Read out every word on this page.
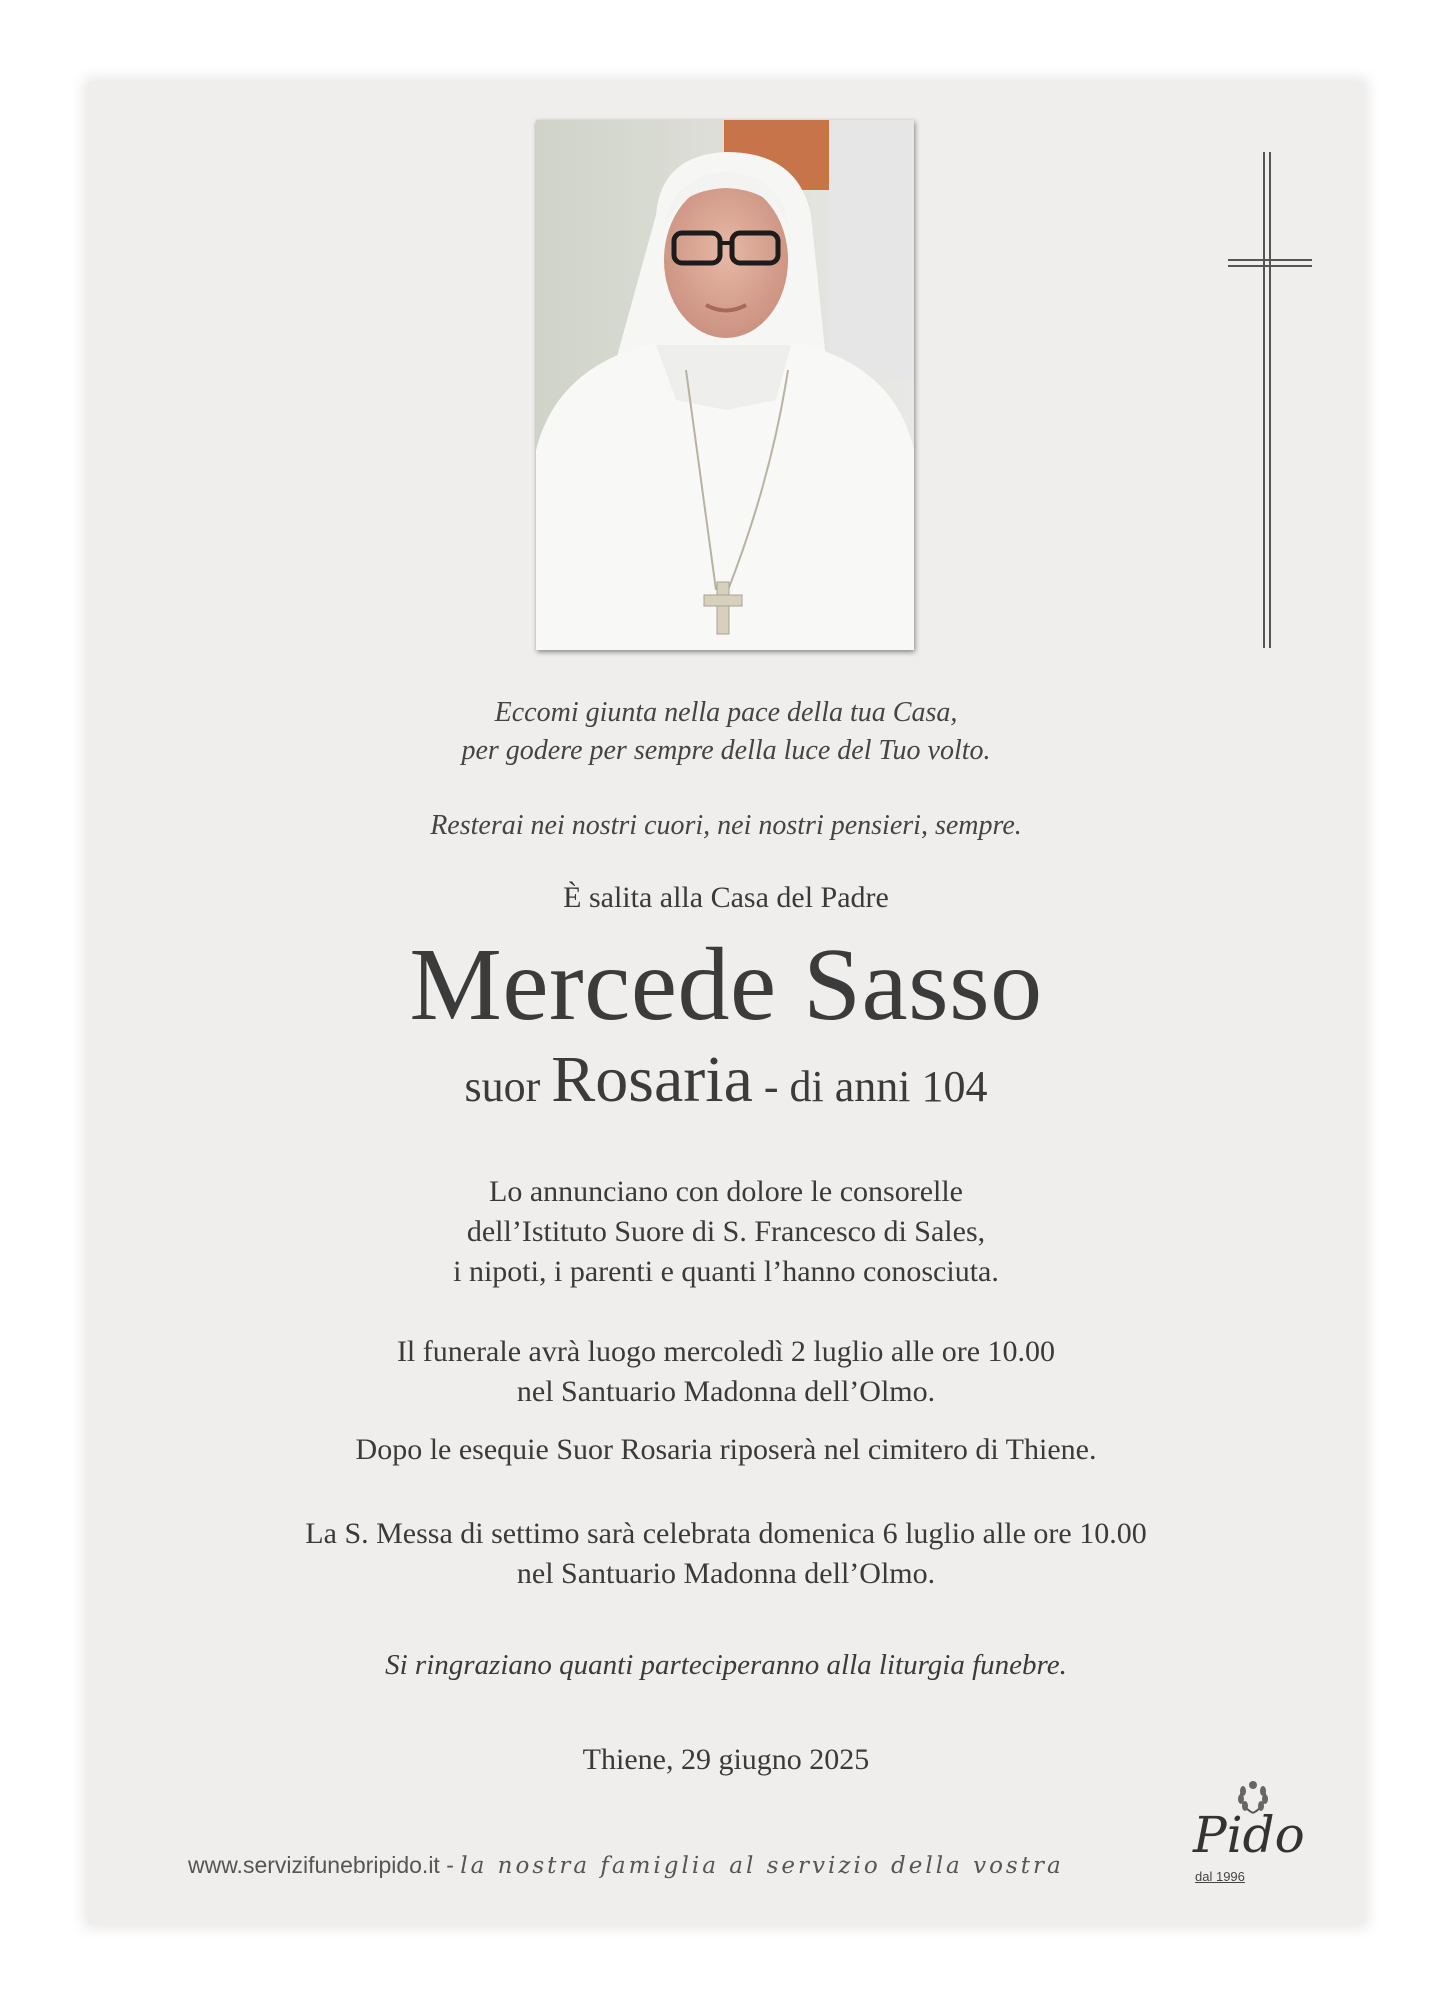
Eccomi giunta nella pace della tua Casa,
per godere per sempre della luce del Tuo volto.
Resterai nei nostri cuori, nei nostri pensieri, sempre.
È salita alla Casa del Padre
Mercede Sasso
suor Rosaria - di anni 104
Lo annunciano con dolore le consorelle
dell’Istituto Suore di S. Francesco di Sales,
i nipoti, i parenti e quanti l’hanno conosciuta.
Il funerale avrà luogo mercoledì 2 luglio alle ore 10.00
nel Santuario Madonna dell’Olmo.
Dopo le esequie Suor Rosaria riposerà nel cimitero di Thiene.
La S. Messa di settimo sarà celebrata domenica 6 luglio alle ore 10.00
nel Santuario Madonna dell’Olmo.
Si ringraziano quanti parteciperanno alla liturgia funebre.
Thiene, 29 giugno 2025
www.servizifunebripido.it - la nostra famiglia al servizio della vostra
Pido
dal 1996
